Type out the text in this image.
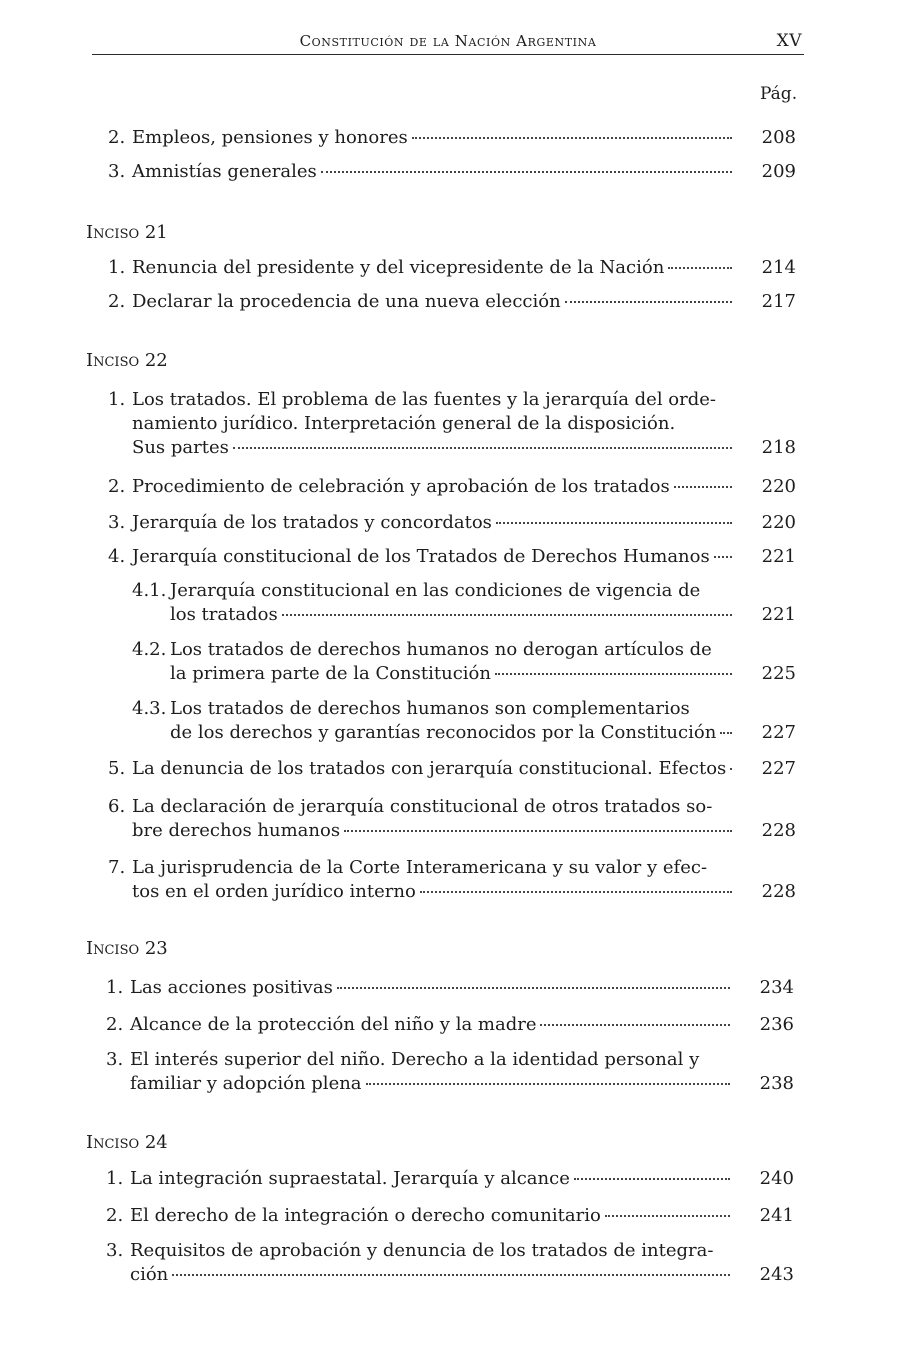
Constitución de la Nación Argentina	XV
Pág.
2. Empleos, pensiones y honores	208
3. Amnistías generales	209
Inciso 21
1. Renuncia del presidente y del vicepresidente de la Nación	214
2. Declarar la procedencia de una nueva elección	217
Inciso 22
1. Los tratados. El problema de las fuentes y la jerarquía del orde-
namiento jurídico. Interpretación general de la disposición.
Sus partes	218
2. Procedimiento de celebración y aprobación de los tratados	220
3. Jerarquía de los tratados y concordatos	220
4. Jerarquía constitucional de los Tratados de Derechos Humanos	221
4.1. Jerarquía constitucional en las condiciones de vigencia de
los tratados	221
4.2. Los tratados de derechos humanos no derogan artículos de
la primera parte de la Constitución	225
4.3. Los tratados de derechos humanos son complementarios
de los derechos y garantías reconocidos por la Constitución	227
5. La denuncia de los tratados con jerarquía constitucional. Efectos	227
6. La declaración de jerarquía constitucional de otros tratados so-
bre derechos humanos	228
7. La jurisprudencia de la Corte Interamericana y su valor y efec-
tos en el orden jurídico interno	228
Inciso 23
1. Las acciones positivas	234
2. Alcance de la protección del niño y la madre	236
3. El interés superior del niño. Derecho a la identidad personal y
familiar y adopción plena	238
Inciso 24
1. La integración supraestatal. Jerarquía y alcance	240
2. El derecho de la integración o derecho comunitario	241
3. Requisitos de aprobación y denuncia de los tratados de integra-
ción	243
